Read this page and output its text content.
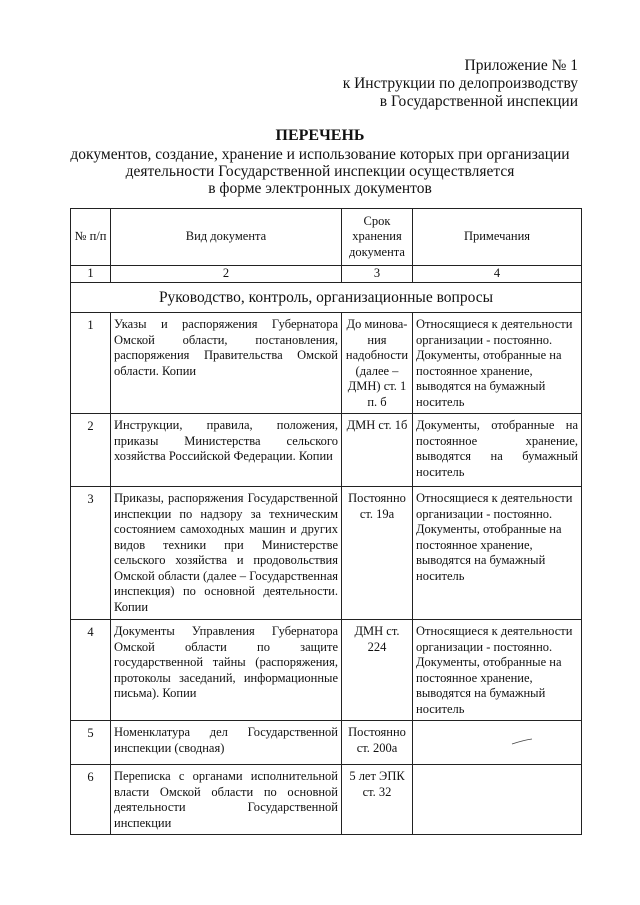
Приложение № 1
к Инструкции по делопроизводству
в Государственной инспекции
ПЕРЕЧЕНЬ
документов, создание, хранение и использование которых при организации
деятельности Государственной инспекции осуществляется
в форме электронных документов
№ п/п	Вид документа	Срок хранения документа	Примечания
1	2	3	4
Руководство, контроль, организационные вопросы			
1	Указы и распоряжения Губернатора Омской области, постановления, распоряжения Правительства Омской области. Копии	До минова-ния надобности (далее – ДМН) ст. 1 п. б	Относящиеся к деятельности организации - постоянно. Документы, отобранные на постоянное хранение, выводятся на бумажный носитель
2	Инструкции, правила, положения, приказы Министерства сельского хозяйства Российской Федерации. Копии	ДМН ст. 1б	Документы, отобранные на постоянное хранение, выводятся на бумажный носитель
3	Приказы, распоряжения Государственной инспекции по надзору за техническим состоянием самоходных машин и других видов техники при Министерстве сельского хозяйства и продовольствия Омской области (далее – Государственная инспекция) по основной деятельности. Копии	Постоянно ст. 19а	Относящиеся к деятельности организации - постоянно. Документы, отобранные на постоянное хранение, выводятся на бумажный носитель
4	Документы Управления Губернатора Омской области по защите государственной тайны (распоряжения, протоколы заседаний, информационные письма). Копии	ДМН ст. 224	Относящиеся к деятельности организации - постоянно. Документы, отобранные на постоянное хранение, выводятся на бумажный носитель
5	Номенклатура дел Государственной инспекции (сводная)	Постоянно ст. 200а	
6	Переписка с органами исполнительной власти Омской области по основной деятельности Государственной инспекции	5 лет ЭПК ст. 32	
